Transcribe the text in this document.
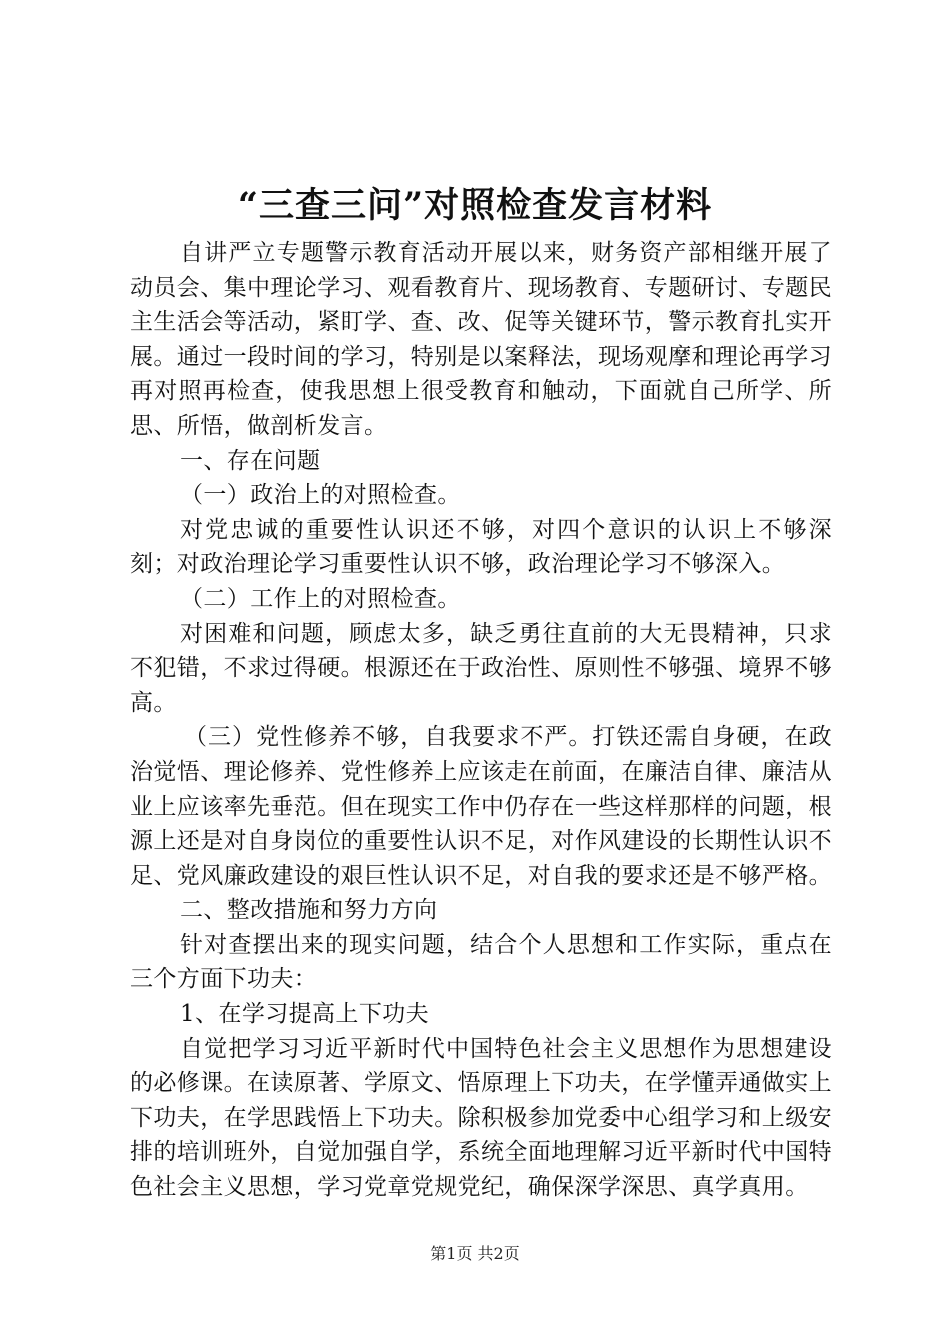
“三查三问”对照检查发言材料

自讲严立专题警示教育活动开展以来，财务资产部相继开展了动员会、集中理论学习、观看教育片、现场教育、专题研讨、专题民主生活会等活动，紧盯学、查、改、促等关键环节，警示教育扎实开展。通过一段时间的学习，特别是以案释法，现场观摩和理论再学习再对照再检查，使我思想上很受教育和触动，下面就自己所学、所思、所悟，做剖析发言。

一、存在问题

（一）政治上的对照检查。

对党忠诚的重要性认识还不够，对四个意识的认识上不够深刻；对政治理论学习重要性认识不够，政治理论学习不够深入。

（二）工作上的对照检查。

对困难和问题，顾虑太多，缺乏勇往直前的大无畏精神，只求不犯错，不求过得硬。根源还在于政治性、原则性不够强、境界不够高。

（三）党性修养不够，自我要求不严。打铁还需自身硬，在政治觉悟、理论修养、党性修养上应该走在前面，在廉洁自律、廉洁从业上应该率先垂范。但在现实工作中仍存在一些这样那样的问题，根源上还是对自身岗位的重要性认识不足，对作风建设的长期性认识不足、党风廉政建设的艰巨性认识不足，对自我的要求还是不够严格。

二、整改措施和努力方向

针对查摆出来的现实问题，结合个人思想和工作实际，重点在三个方面下功夫：

1、在学习提高上下功夫

自觉把学习习近平新时代中国特色社会主义思想作为思想建设的必修课。在读原著、学原文、悟原理上下功夫，在学懂弄通做实上下功夫，在学思践悟上下功夫。除积极参加党委中心组学习和上级安排的培训班外，自觉加强自学，系统全面地理解习近平新时代中国特色社会主义思想，学习党章党规党纪，确保深学深思、真学真用。

第1页 共2页
